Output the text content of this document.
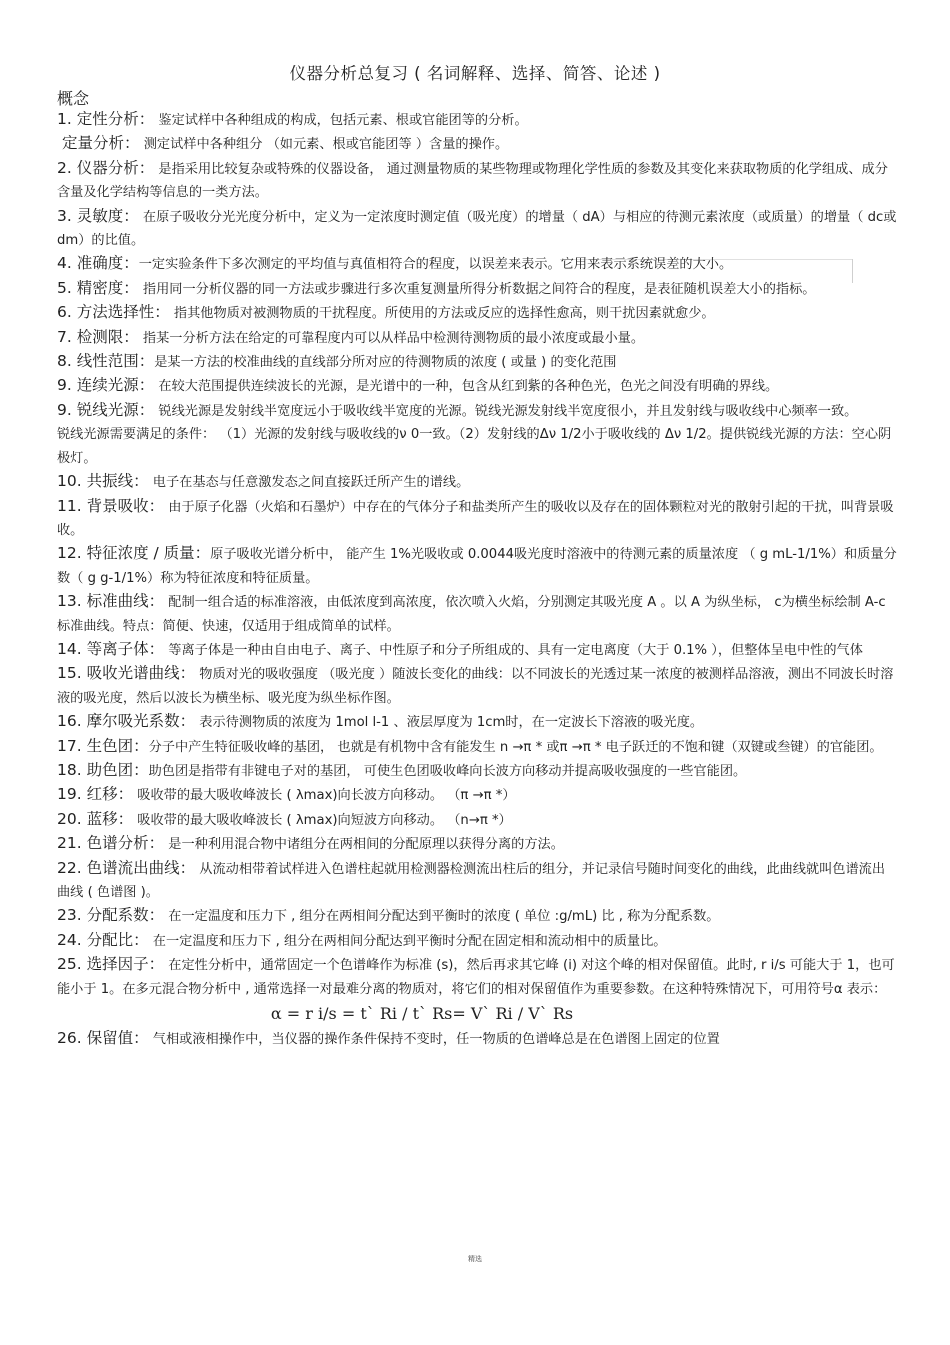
仪器分析总复习 ( 名词解释、选择、简答、论述 )
概念
1. 定性分析： 鉴定试样中各种组成的构成，包括元素、根或官能团等的分析。
定量分析： 测定试样中各种组分 （如元素、根或官能团等 ）含量的操作。
2. 仪器分析： 是指采用比较复杂或特殊的仪器设备， 通过测量物质的某些物理或物理化学性质的参数及其变化来获取物质的化学组成、成分含量及化学结构等信息的一类方法。
3. 灵敏度： 在原子吸收分光光度分析中，定义为一定浓度时测定值（吸光度）的增量（ dA）与相应的待测元素浓度（或质量）的增量（ dc或dm）的比值。
4. 准确度：一定实验条件下多次测定的平均值与真值相符合的程度，以误差来表示。它用来表示系统误差的大小。
5. 精密度： 指用同一分析仪器的同一方法或步骤进行多次重复测量所得分析数据之间符合的程度，是表征随机误差大小的指标。
6. 方法选择性： 指其他物质对被测物质的干扰程度。所使用的方法或反应的选择性愈高，则干扰因素就愈少。
7. 检测限： 指某一分析方法在给定的可靠程度内可以从样品中检测待测物质的最小浓度或最小量。
8. 线性范围：是某一方法的校准曲线的直线部分所对应的待测物质的浓度 ( 或量 ) 的变化范围
9. 连续光源： 在较大范围提供连续波长的光源，是光谱中的一种，包含从红到紫的各种色光，色光之间没有明确的界线。
9. 锐线光源： 锐线光源是发射线半宽度远小于吸收线半宽度的光源。锐线光源发射线半宽度很小，并且发射线与吸收线中心频率一致。
锐线光源需要满足的条件： （1）光源的发射线与吸收线的ν 0一致。（2）发射线的Δν 1/2小于吸收线的 Δν 1/2。提供锐线光源的方法：空心阴极灯。
10. 共振线： 电子在基态与任意激发态之间直接跃迁所产生的谱线。
11. 背景吸收： 由于原子化器（火焰和石墨炉）中存在的气体分子和盐类所产生的吸收以及存在的固体颗粒对光的散射引起的干扰，叫背景吸收。
12. 特征浓度 / 质量：原子吸收光谱分析中， 能产生 1%光吸收或 0.0044吸光度时溶液中的待测元素的质量浓度 （ g mL-1/1%）和质量分数（ g g-1/1%）称为特征浓度和特征质量。
13. 标准曲线： 配制一组合适的标准溶液，由低浓度到高浓度，依次喷入火焰，分别测定其吸光度 A 。以 A 为纵坐标， c为横坐标绘制 A-c 标准曲线。特点：简便、快速，仅适用于组成简单的试样。
14. 等离子体： 等离子体是一种由自由电子、离子、中性原子和分子所组成的、具有一定电离度（大于 0.1% ），但整体呈电中性的气体
15. 吸收光谱曲线： 物质对光的吸收强度 （吸光度 ）随波长变化的曲线：以不同波长的光透过某一浓度的被测样品溶液，测出不同波长时溶液的吸光度，然后以波长为横坐标、吸光度为纵坐标作图。
16. 摩尔吸光系数： 表示待测物质的浓度为 1mol l-1 、液层厚度为 1cm时，在一定波长下溶液的吸光度。
17. 生色团：分子中产生特征吸收峰的基团， 也就是有机物中含有能发生 n →π * 或π →π * 电子跃迁的不饱和键（双键或叁键）的官能团。
18. 助色团：助色团是指带有非键电子对的基团， 可使生色团吸收峰向长波方向移动并提高吸收强度的一些官能团。
19. 红移： 吸收带的最大吸收峰波长 ( λmax)向长波方向移动。 （π →π *）
20. 蓝移： 吸收带的最大吸收峰波长 ( λmax)向短波方向移动。 （n→π *）
21. 色谱分析： 是一种利用混合物中诸组分在两相间的分配原理以获得分离的方法。
22. 色谱流出曲线： 从流动相带着试样进入色谱柱起就用检测器检测流出柱后的组分，并记录信号随时间变化的曲线，此曲线就叫色谱流出曲线 ( 色谱图 )。
23. 分配系数： 在一定温度和压力下 , 组分在两相间分配达到平衡时的浓度 ( 单位 :g/mL) 比 , 称为分配系数。
24. 分配比： 在一定温度和压力下 , 组分在两相间分配达到平衡时分配在固定相和流动相中的质量比。
25. 选择因子： 在定性分析中，通常固定一个色谱峰作为标准 (s)，然后再求其它峰 (i) 对这个峰的相对保留值。此时, r i/s 可能大于 1，也可能小于 1。在多元混合物分析中 , 通常选择一对最难分离的物质对，将它们的相对保留值作为重要参数。在这种特殊情况下，可用符号α 表示：
α = r i/s = t` Ri / t` Rs= V` Ri / V` Rs
26. 保留值： 气相或液相操作中，当仪器的操作条件保持不变时，任一物质的色谱峰总是在色谱图上固定的位置
精选
